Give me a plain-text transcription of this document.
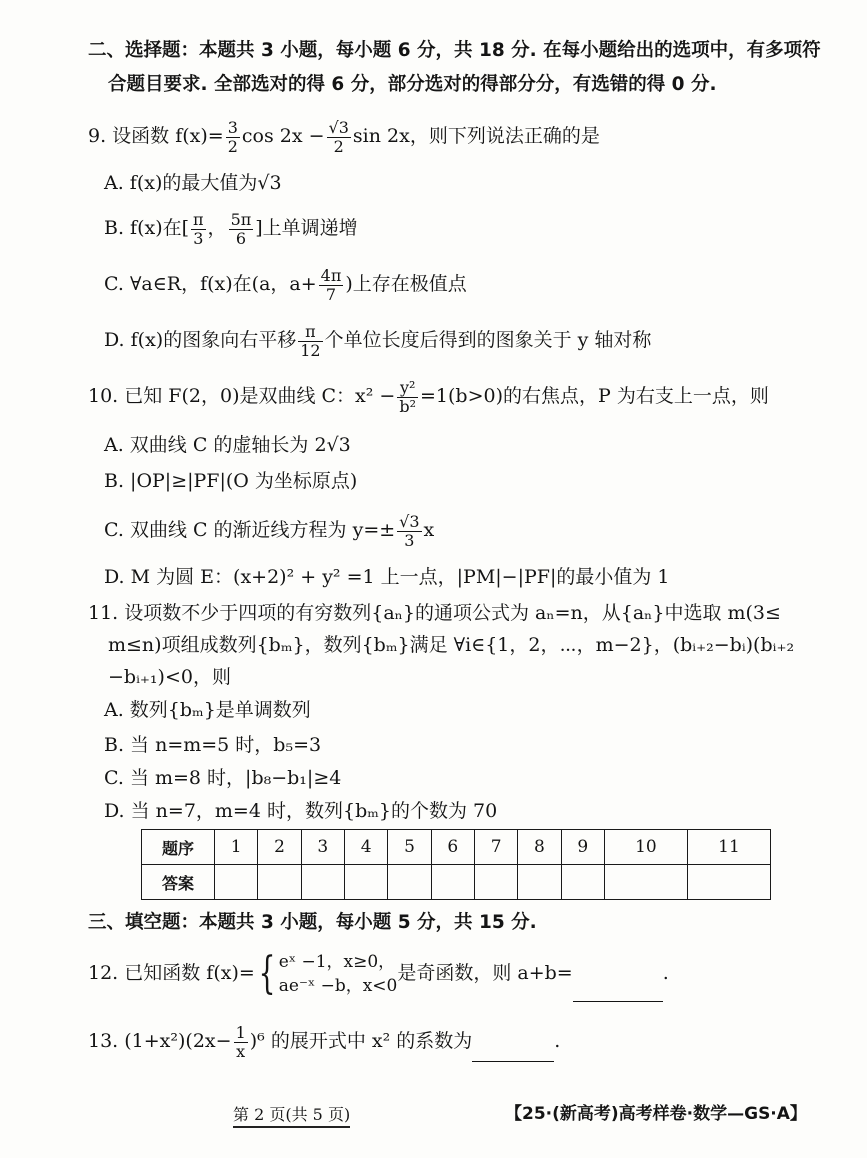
二、选择题：本题共 3 小题，每小题 6 分，共 18 分. 在每小题给出的选项中，有多项符
合题目要求. 全部选对的得 6 分，部分选对的得部分分，有选错的得 0 分.
9. 设函数 $f(x)= \frac{3}{2}$ $\cos 2x - \frac{√3}{2}$ sin 2x，则下列说法正确的是
A. f(x)的最大值为√3
B. f(x)在[ $\frac{\pi}{3}$ ， $\frac{5\pi}{6}$ ]上单调递增
C. ∀a∈R，f(x)在(a，$a+ \frac{4\pi}{7}$ )上存在极值点
D. f(x)的图象向右平移 $\frac{\pi}{12}$ 个单位长度后得到的图象关于 y 轴对称
10. 已知 F(2，0)是双曲线 C：$x^2 - \frac{\text{y²}}{\text{b²}} =1(b>0)$的右焦点，P 为右支上一点，则
A. 双曲线 C 的虚轴长为 2√3
B. |OP|≥|PF|(O 为坐标原点)
C. 双曲线 C 的渐近线方程为 $y=\pm \frac{√3}{3}$ x
D. M 为圆 E：(x+2)² + y² =1 上一点，|PM|−|PF|的最小值为 1
11. 设项数不少于四项的有穷数列{aₙ}的通项公式为 aₙ=n，从{aₙ}中选取 m(3≤
m≤n)项组成数列{bₘ}，数列{bₘ}满足 ∀i∈{1，2，⋯，m−2}，(bᵢ₊₂−bᵢ)(bᵢ₊₂
−bᵢ₊₁)<0，则
A. 数列{bₘ}是单调数列
B. 当 n=m=5 时，b₅=3
C. 当 m=8 时，|b₈−b₁|≥4
D. 当 n=7，m=4 时，数列{bₘ}的个数为 70
题序	1	2	3	4	5	6	7	8	9	10	11
答案											
三、填空题：本题共 3 小题，每小题 5 分，共 15 分.
12. 已知函数 f(x)={ eˣ −1，x≥0，
ae⁻ˣ −b，x<0
是奇函数，则 a+b=	.
13. $(1+x^2)(2x- \frac{1}{x} )^6$ 的展开式中 x² 的系数为	.
第 2 页(共 5 页)	【25·(新高考)高考样卷·数学—GS·A】
